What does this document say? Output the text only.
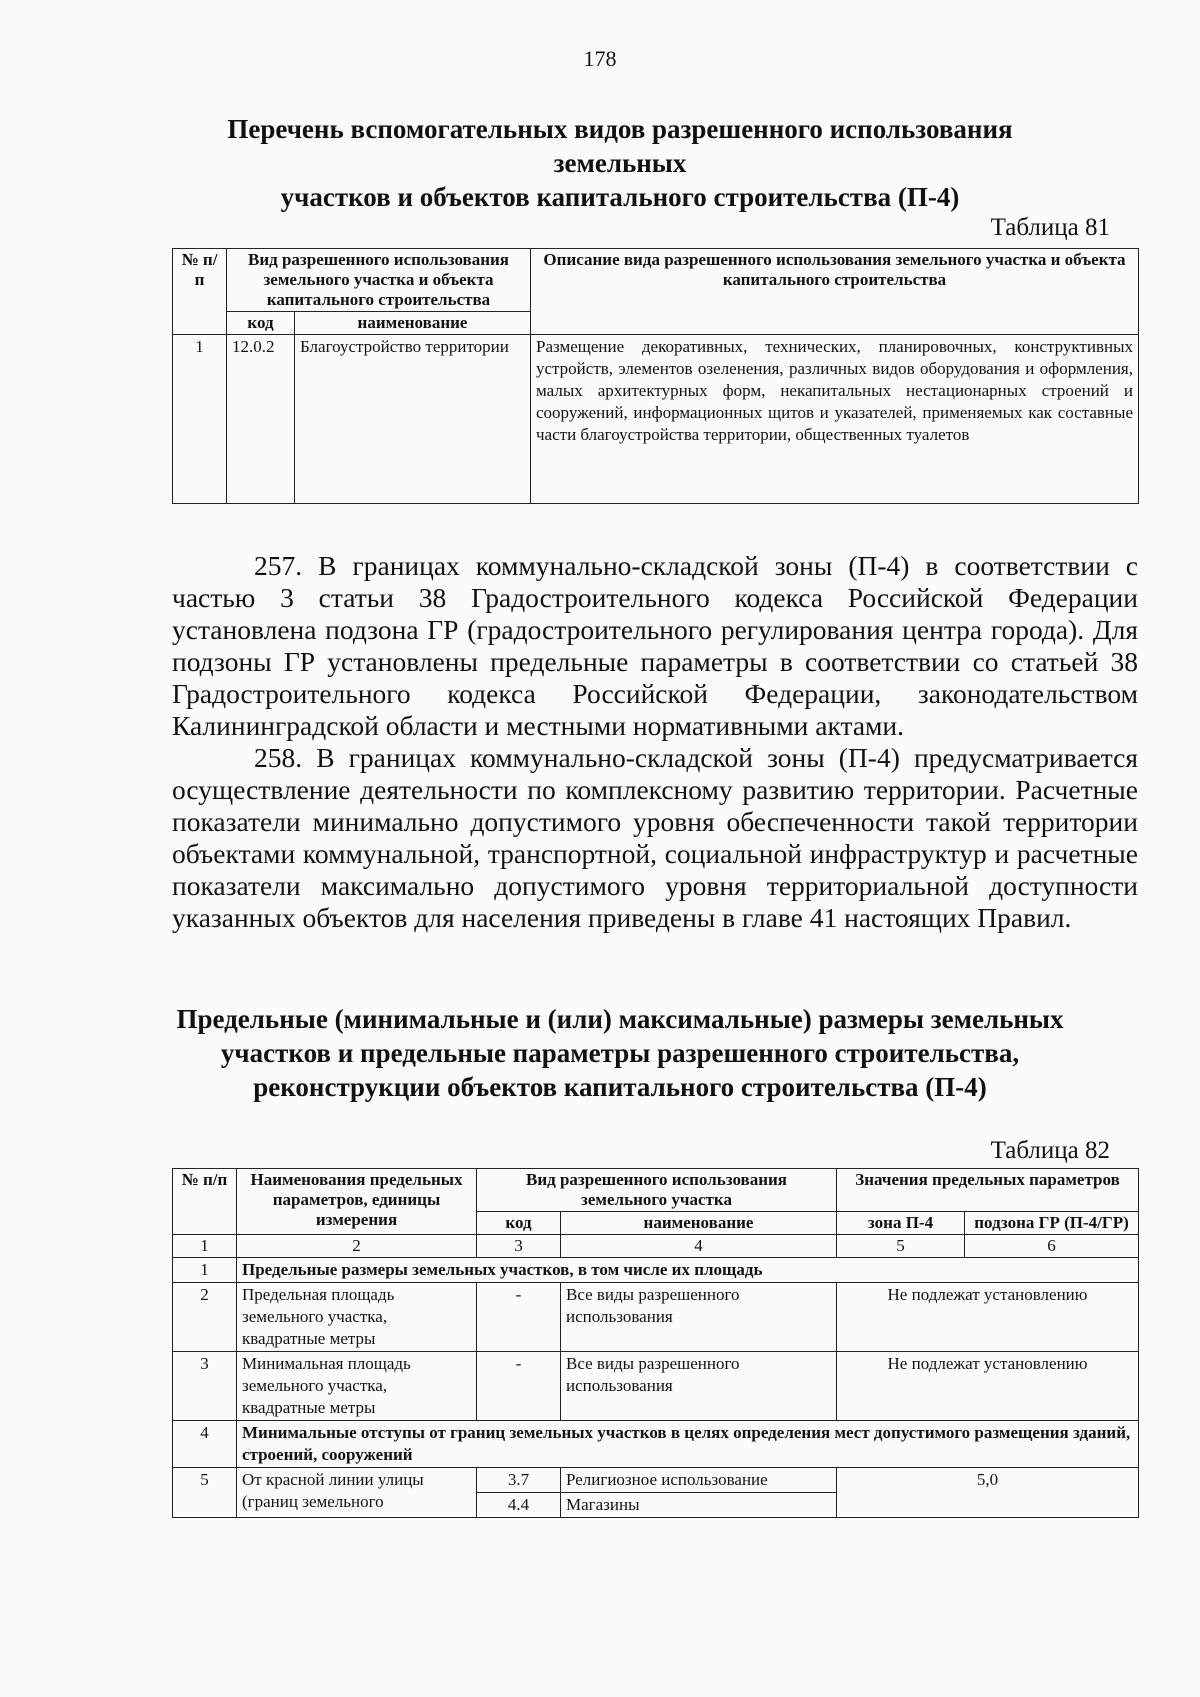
178
Перечень вспомогательных видов разрешенного использования земельных
участков и объектов капитального строительства (П-4)
Таблица 81
№ п/п	Вид разрешенного использования земельного участка и объекта капитального строительства		Описание вида разрешенного использования земельного участка и объекта капитального строительства
	код	наименование	
1	12.0.2	Благоустройство территории	Размещение декоративных, технических, планировочных, конструктивных устройств, элементов озеленения, различных видов оборудования и оформления, малых архитектурных форм, некапитальных нестационарных строений и сооружений, информационных щитов и указателей, применяемых как составные части благоустройства территории, общественных туалетов

257. В границах коммунально-складской зоны (П-4) в соответствии с частью 3 статьи 38 Градостроительного кодекса Российской Федерации установлена подзона ГР (градостроительного регулирования центра города). Для подзоны ГР установлены предельные параметры в соответствии со статьей 38 Градостроительного кодекса Российской Федерации, законодательством Калининградской области и местными нормативными актами.

258. В границах коммунально-складской зоны (П-4) предусматривается осуществление деятельности по комплексному развитию территории. Расчетные показатели минимально допустимого уровня обеспеченности такой территории объектами коммунальной, транспортной, социальной инфраструктур и расчетные показатели максимально допустимого уровня территориальной доступности указанных объектов для населения приведены в главе 41 настоящих Правил.

Предельные (минимальные и (или) максимальные) размеры земельных
участков и предельные параметры разрешенного строительства,
реконструкции объектов капитального строительства (П-4)
Таблица 82
№ п/п	Наименования предельных параметров, единицы измерения	Вид разрешенного использования земельного участка		Значения предельных параметров	
		код	наименование	зона П-4	подзона ГР (П-4/ГР)
1	2	3	4	5	6
1	Предельные размеры земельных участков, в том числе их площадь				
2	Предельная площадь земельного участка, квадратные метры	-	Все виды разрешенного использования	Не подлежат установлению	
3	Минимальная площадь земельного участка, квадратные метры	-	Все виды разрешенного использования	Не подлежат установлению	
4	Минимальные отступы от границ земельных участков в целях определения мест допустимого размещения зданий, строений, сооружений				
5	От красной линии улицы (границ земельного	3.7	Религиозное использование	5,0	
		4.4	Магазины		
